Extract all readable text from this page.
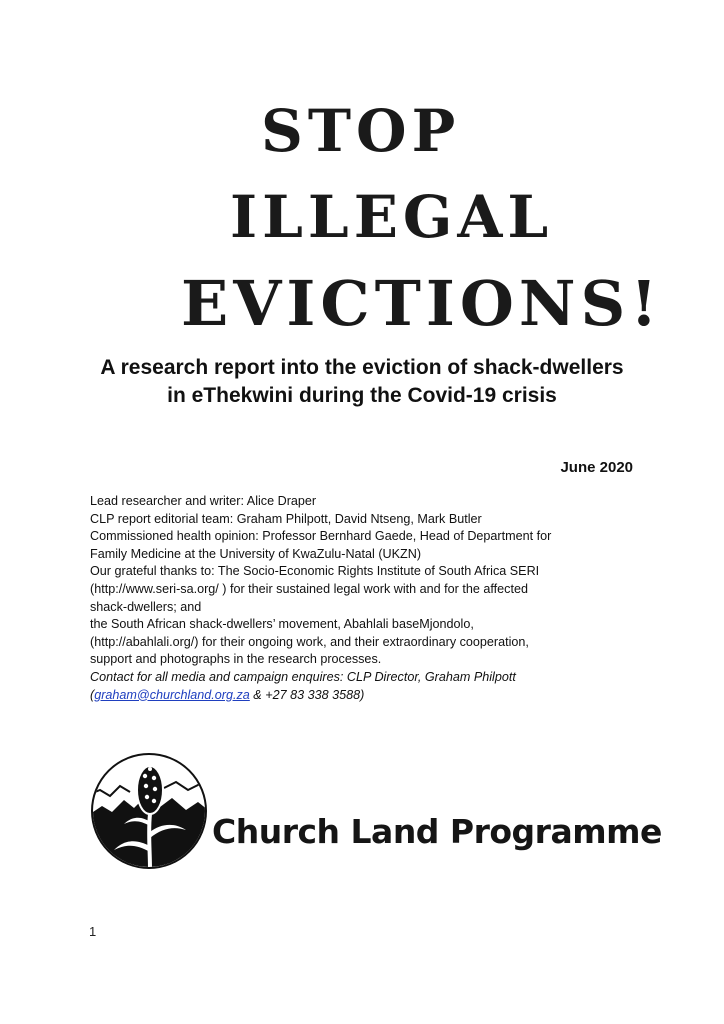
STOP
ILLEGAL
EVICTIONS!
A research report into the eviction of shack-dwellers
in eThekwini during the Covid-19 crisis
June 2020
Lead researcher and writer: Alice Draper
CLP report editorial team: Graham Philpott, David Ntseng, Mark Butler
Commissioned health opinion: Professor Bernhard Gaede, Head of Department for
Family Medicine at the University of KwaZulu-Natal (UKZN)
Our grateful thanks to: The Socio-Economic Rights Institute of South Africa SERI
(http://www.seri-sa.org/ ) for their sustained legal work with and for the affected
shack-dwellers; and
the South African shack-dwellers’ movement, Abahlali baseMjondolo,
(http://abahlali.org/) for their ongoing work, and their extraordinary cooperation,
support and photographs in the research processes.
Contact for all media and campaign enquires: CLP Director, Graham Philpott
(graham@churchland.org.za & +27 83 338 3588)
Church Land Programme
1
